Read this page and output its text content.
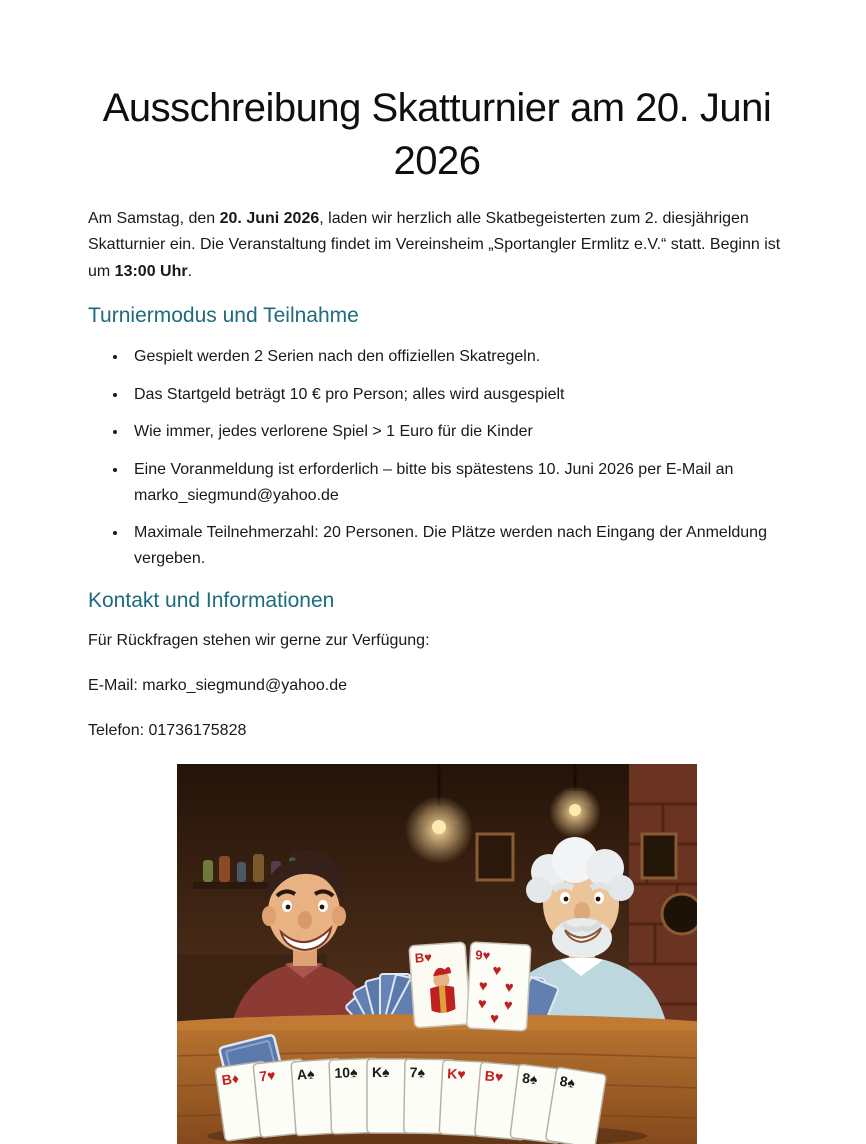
Ausschreibung Skatturnier am 20. Juni 2026

Am Samstag, den 20. Juni 2026, laden wir herzlich alle Skatbegeisterten zum 2. diesjährigen Skatturnier ein. Die Veranstaltung findet im Vereinsheim „Sportangler Ermlitz e.V.“ statt. Beginn ist um 13:00 Uhr.

Turniermodus und Teilnahme
• Gespielt werden 2 Serien nach den offiziellen Skatregeln.
• Das Startgeld beträgt 10 € pro Person; alles wird ausgespielt
• Wie immer, jedes verlorene Spiel > 1 Euro für die Kinder
• Eine Voranmeldung ist erforderlich – bitte bis spätestens 10. Juni 2026 per E-Mail an marko_siegmund@yahoo.de
• Maximale Teilnehmerzahl: 20 Personen. Die Plätze werden nach Eingang der Anmeldung vergeben.
Kontakt und Informationen

Für Rückfragen stehen wir gerne zur Verfügung:

E-Mail: marko_siegmund@yahoo.de

Telefon: 01736175828

B♥	9♥
♥
♥ ♥
♥ ♥
♥
B♦ 7♥ A♠ 10♠ K♠ 7♠ K♥ B♥ 8♠ 8♠
